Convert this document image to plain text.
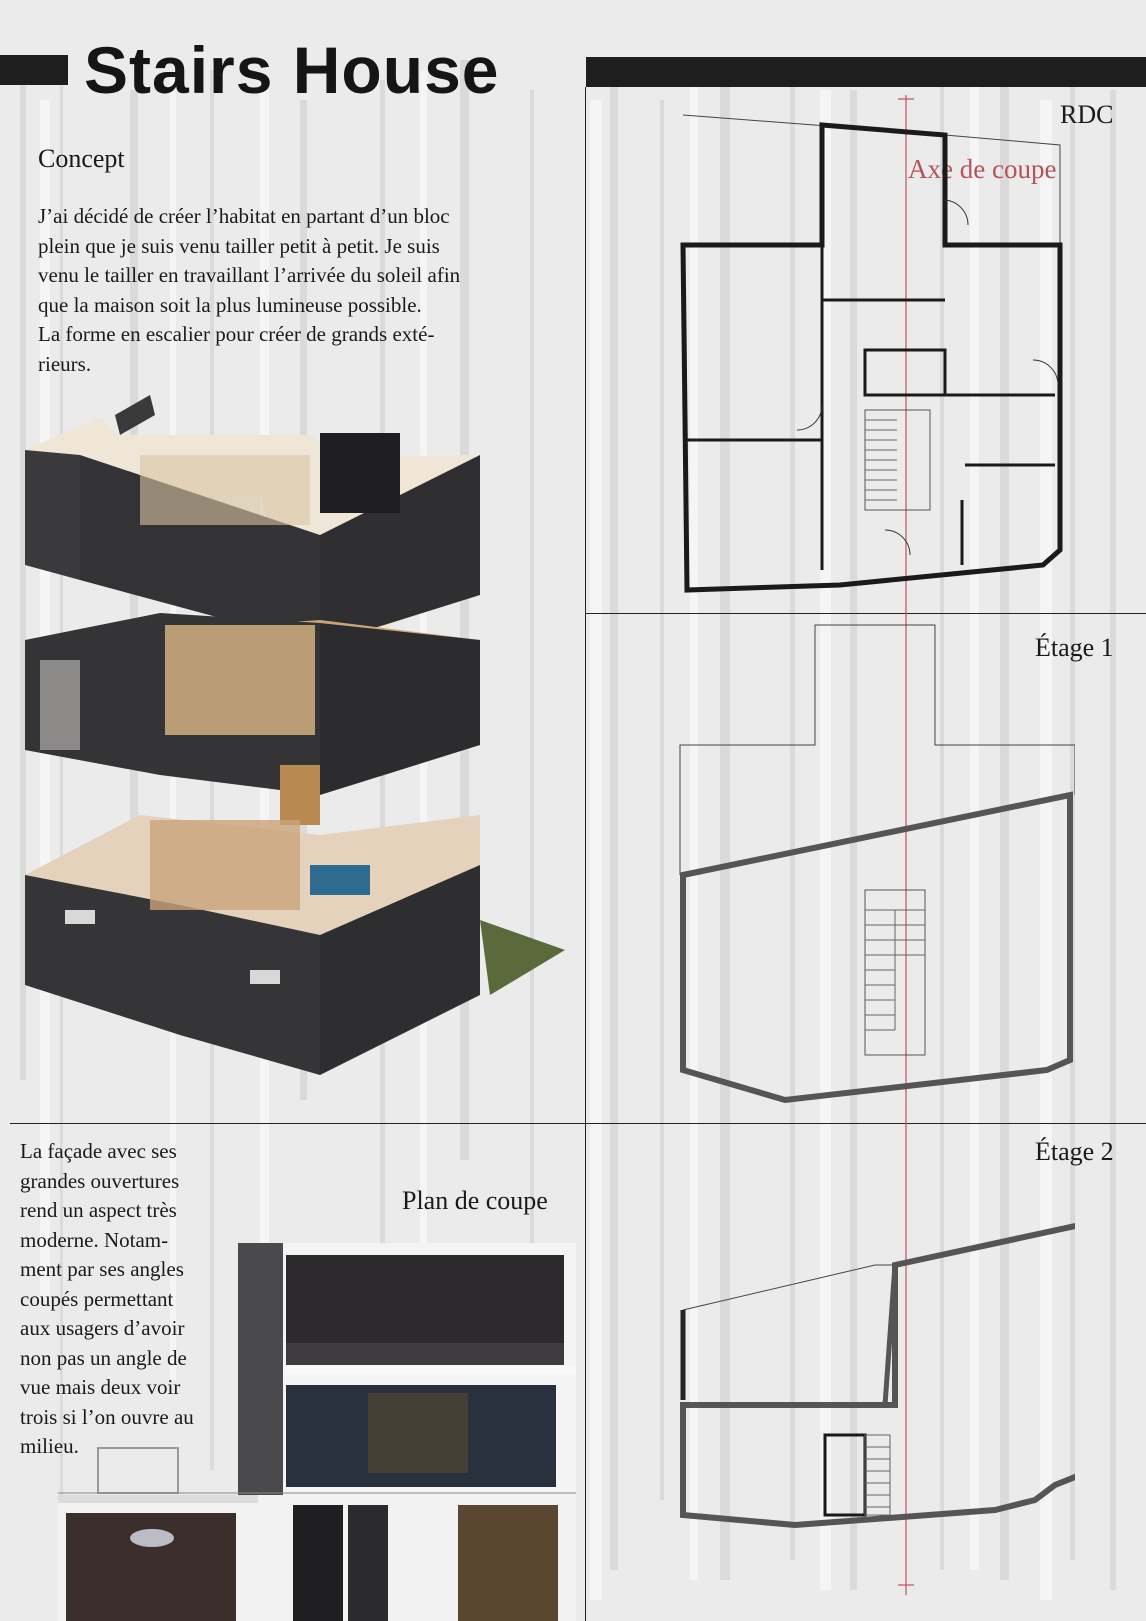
Stairs House
Concept
J’ai décidé de créer l’habitat en partant d’un bloc
plein que je suis venu tailler petit à petit. Je suis
venu le tailler en travaillant l’arrivée du soleil afin
que la maison soit la plus lumineuse possible.
La forme en escalier pour créer de grands exté-
rieurs.
La façade avec ses
grandes ouvertures
rend un aspect très
moderne. Notam-
ment par ses angles
coupés permettant
aux usagers d’avoir
non pas un angle de
vue mais deux voir
trois si l’on ouvre au
milieu.
Plan de coupe
RDC
Axe de coupe
Étage 1
Étage 2
